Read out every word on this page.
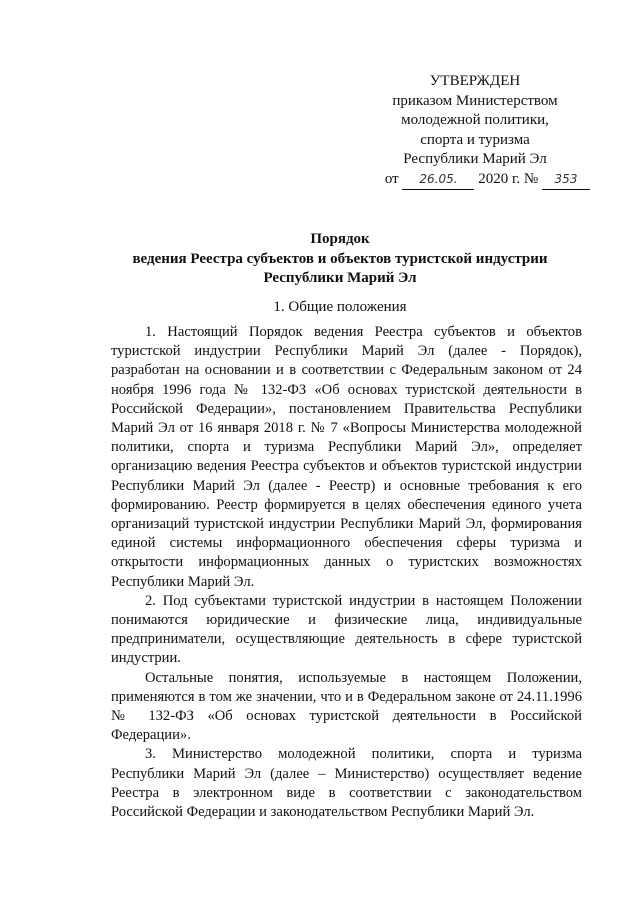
УТВЕРЖДЕН
приказом Министерством
молодежной политики,
спорта и туризма
Республики Марий Эл
от 26.05. 2020 г. № 353
Порядок
ведения Реестра субъектов и объектов туристской индустрии
Республики Марий Эл
1. Общие положения

1. Настоящий Порядок ведения Реестра субъектов и объектов туристской индустрии Республики Марий Эл (далее - Порядок), разработан на основании и в соответствии с Федеральным законом от 24 ноября 1996 года № 132-ФЗ «Об основах туристской деятельности в Российской Федерации», постановлением Правительства Республики Марий Эл от 16 января 2018 г. № 7 «Вопросы Министерства молодежной политики, спорта и туризма Республики Марий Эл», определяет организацию ведения Реестра субъектов и объектов туристской индустрии Республики Марий Эл (далее - Реестр) и основные требования к его формированию. Реестр формируется в целях обеспечения единого учета организаций туристской индустрии Республики Марий Эл, формирования единой системы информационного обеспечения сферы туризма и открытости информационных данных о туристских возможностях Республики Марий Эл.

2. Под субъектами туристской индустрии в настоящем Положении понимаются юридические и физические лица, индивидуальные предприниматели, осуществляющие деятельность в сфере туристской индустрии.

Остальные понятия, используемые в настоящем Положении, применяются в том же значении, что и в Федеральном законе от 24.11.1996 № 132-ФЗ «Об основах туристской деятельности в Российской Федерации».

3. Министерство молодежной политики, спорта и туризма Республики Марий Эл (далее – Министерство) осуществляет ведение Реестра в электронном виде в соответствии с законодательством Российской Федерации и законодательством Республики Марий Эл.
